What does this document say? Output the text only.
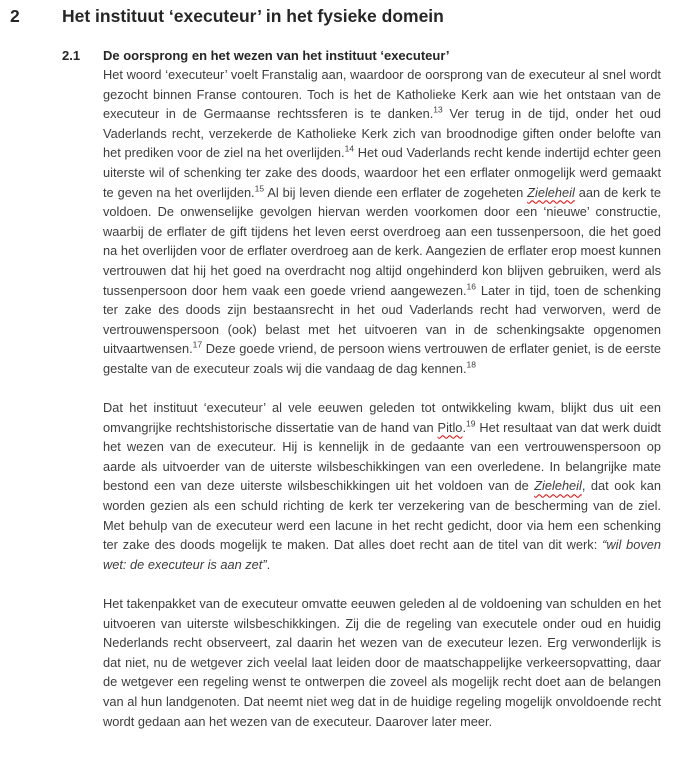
2	Het instituut ‘executeur’ in het fysieke domein
2.1	De oorsprong en het wezen van het instituut ‘executeur’

Het woord ‘executeur’ voelt Franstalig aan, waardoor de oorsprong van de executeur al snel wordt gezocht binnen Franse contouren. Toch is het de Katholieke Kerk aan wie het ontstaan van de executeur in de Germaanse rechtssferen is te danken.$^{13}$ Ver terug in de tijd, onder het oud Vaderlands recht, verzekerde de Katholieke Kerk zich van broodnodige giften onder belofte van het prediken voor de ziel na het overlijden.$^{14}$ Het oud Vaderlands recht kende indertijd echter geen uiterste wil of schenking ter zake des doods, waardoor het een erflater onmogelijk werd gemaakt te geven na het overlijden.$^{15}$ Al bij leven diende een erflater de zogeheten Zieleheil aan de kerk te voldoen. De onwenselijke gevolgen hiervan werden voorkomen door een ‘nieuwe’ constructie, waarbij de erflater de gift tijdens het leven eerst overdroeg aan een tussenpersoon, die het goed na het overlijden voor de erflater overdroeg aan de kerk. Aangezien de erflater erop moest kunnen vertrouwen dat hij het goed na overdracht nog altijd ongehinderd kon blijven gebruiken, werd als tussenpersoon door hem vaak een goede vriend aangewezen.$^{16}$ Later in tijd, toen de schenking ter zake des doods zijn bestaansrecht in het oud Vaderlands recht had verworven, werd de vertrouwenspersoon (ook) belast met het uitvoeren van in de schenkingsakte opgenomen uitvaartwensen.$^{17}$ Deze goede vriend, de persoon wiens vertrouwen de erflater geniet, is de eerste gestalte van de executeur zoals wij die vandaag de dag kennen.$^{18}$

Dat het instituut ‘executeur’ al vele eeuwen geleden tot ontwikkeling kwam, blijkt dus uit een omvangrijke rechtshistorische dissertatie van de hand van Pitlo.$^{19}$ Het resultaat van dat werk duidt het wezen van de executeur. Hij is kennelijk in de gedaante van een vertrouwenspersoon op aarde als uitvoerder van de uiterste wilsbeschikkingen van een overledene. In belangrijke mate bestond een van deze uiterste wilsbeschikkingen uit het voldoen van de Zieleheil, dat ook kan worden gezien als een schuld richting de kerk ter verzekering van de bescherming van de ziel. Met behulp van de executeur werd een lacune in het recht gedicht, door via hem een schenking ter zake des doods mogelijk te maken. Dat alles doet recht aan de titel van dit werk: “wil boven wet: de executeur is aan zet”.

Het takenpakket van de executeur omvatte eeuwen geleden al de voldoening van schulden en het uitvoeren van uiterste wilsbeschikkingen. Zij die de regeling van executele onder oud en huidig Nederlands recht observeert, zal daarin het wezen van de executeur lezen. Erg verwonderlijk is dat niet, nu de wetgever zich veelal laat leiden door de maatschappelijke verkeersopvatting, daar de wetgever een regeling wenst te ontwerpen die zoveel als mogelijk recht doet aan de belangen van al hun landgenoten. Dat neemt niet weg dat in de huidige regeling mogelijk onvoldoende recht wordt gedaan aan het wezen van de executeur. Daarover later meer.
